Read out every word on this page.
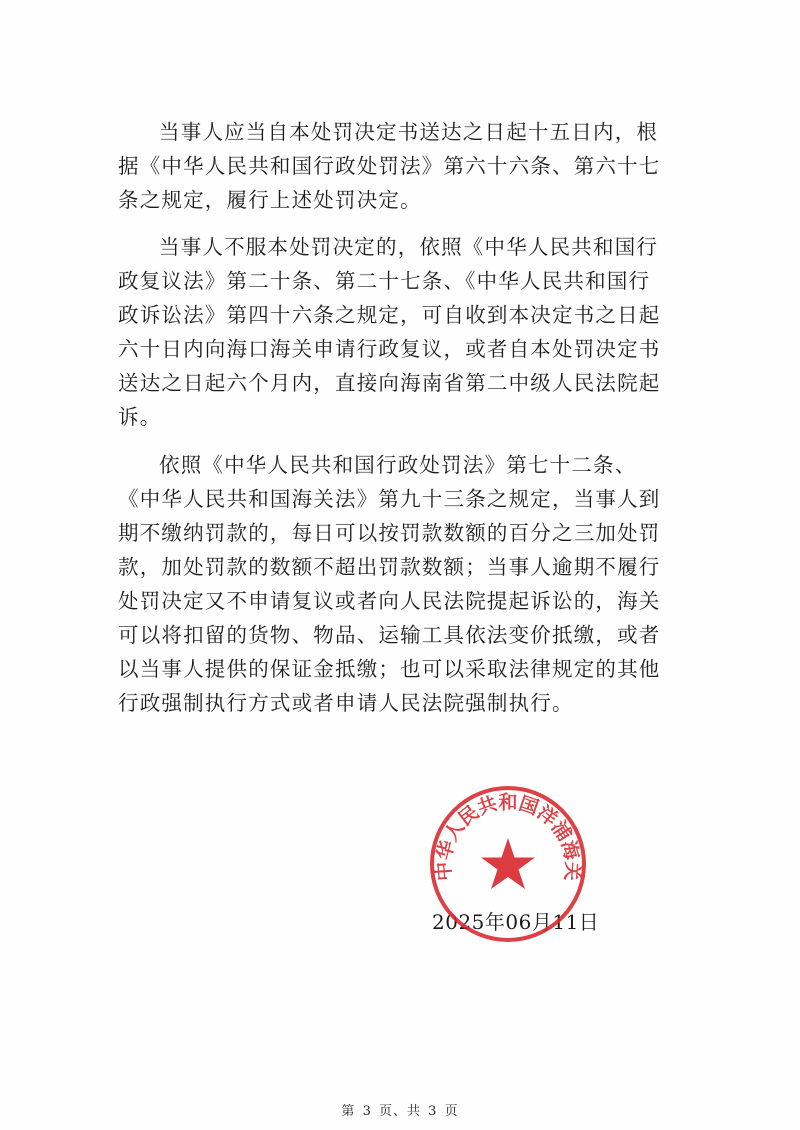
当事人应当自本处罚决定书送达之日起十五日内，根
据《中华人民共和国行政处罚法》第六十六条、第六十七
条之规定，履行上述处罚决定。
当事人不服本处罚决定的，依照《中华人民共和国行
政复议法》第二十条、第二十七条、《中华人民共和国行
政诉讼法》第四十六条之规定，可自收到本决定书之日起
六十日内向海口海关申请行政复议，或者自本处罚决定书
送达之日起六个月内，直接向海南省第二中级人民法院起
诉。
依照《中华人民共和国行政处罚法》第七十二条、
《中华人民共和国海关法》第九十三条之规定，当事人到
期不缴纳罚款的，每日可以按罚款数额的百分之三加处罚
款，加处罚款的数额不超出罚款数额；当事人逾期不履行
处罚决定又不申请复议或者向人民法院提起诉讼的，海关
可以将扣留的货物、物品、运输工具依法变价抵缴，或者
以当事人提供的保证金抵缴；也可以采取法律规定的其他
行政强制执行方式或者申请人民法院强制执行。
2025年06月11日
中华人民共和国洋浦海关
第 3 页、共 3 页
